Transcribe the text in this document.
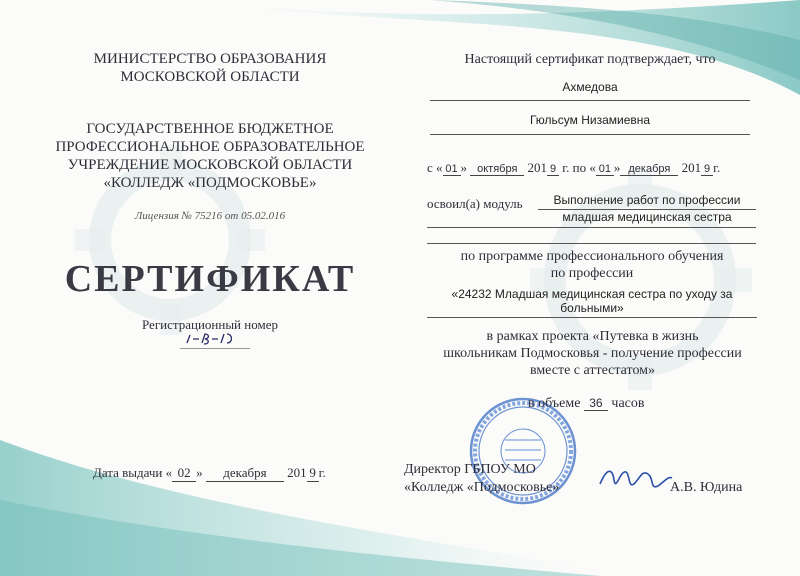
МИНИСТЕРСТВО ОБРАЗОВАНИЯ
МОСКОВСКОЙ ОБЛАСТИ
ГОСУДАРСТВЕННОЕ БЮДЖЕТНОЕ
ПРОФЕССИОНАЛЬНОЕ ОБРАЗОВАТЕЛЬНОЕ
УЧРЕЖДЕНИЕ МОСКОВСКОЙ ОБЛАСТИ
«КОЛЛЕДЖ «ПОДМОСКОВЬЕ»
Лицензия № 75216 от 05.02.016
СЕРТИФИКАТ
Регистрационный номер
Дата выдачи « 02 » декабря 201 9 г.
Настоящий сертификат подтверждает, что
Ахмедова
Гюльсум Низамиевна
с « 01 » октября 201 9 г. по « 01 » декабря 201 9 г.
освоил(а) модуль	Выполнение работ по профессии
младшая медицинская сестра
по программе профессионального обучения
по профессии
«24232 Младшая медицинская сестра по уходу за
больными»
в рамках проекта «Путевка в жизнь
школьникам Подмосковья - получение профессии
вместе с аттестатом»
в объеме 36 часов
Директор ГБПОУ МО
«Колледж «Подмосковье»	А.В. Юдина
